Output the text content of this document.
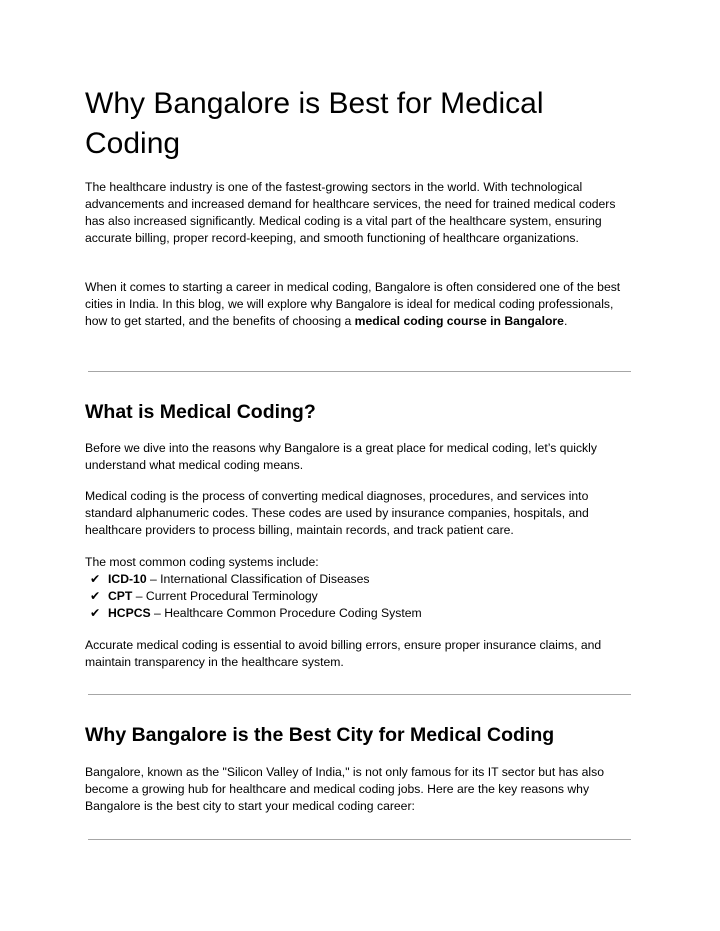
Why Bangalore is Best for Medical Coding

The healthcare industry is one of the fastest-growing sectors in the world. With technological advancements and increased demand for healthcare services, the need for trained medical coders has also increased significantly. Medical coding is a vital part of the healthcare system, ensuring accurate billing, proper record-keeping, and smooth functioning of healthcare organizations.

When it comes to starting a career in medical coding, Bangalore is often considered one of the best cities in India. In this blog, we will explore why Bangalore is ideal for medical coding professionals, how to get started, and the benefits of choosing a medical coding course in Bangalore.

What is Medical Coding?

Before we dive into the reasons why Bangalore is a great place for medical coding, let’s quickly understand what medical coding means.

Medical coding is the process of converting medical diagnoses, procedures, and services into standard alphanumeric codes. These codes are used by insurance companies, hospitals, and healthcare providers to process billing, maintain records, and track patient care.

The most common coding systems include:
✔ ICD-10 – International Classification of Diseases
✔ CPT – Current Procedural Terminology
✔ HCPCS – Healthcare Common Procedure Coding System

Accurate medical coding is essential to avoid billing errors, ensure proper insurance claims, and maintain transparency in the healthcare system.

Why Bangalore is the Best City for Medical Coding

Bangalore, known as the "Silicon Valley of India," is not only famous for its IT sector but has also become a growing hub for healthcare and medical coding jobs. Here are the key reasons why Bangalore is the best city to start your medical coding career:
